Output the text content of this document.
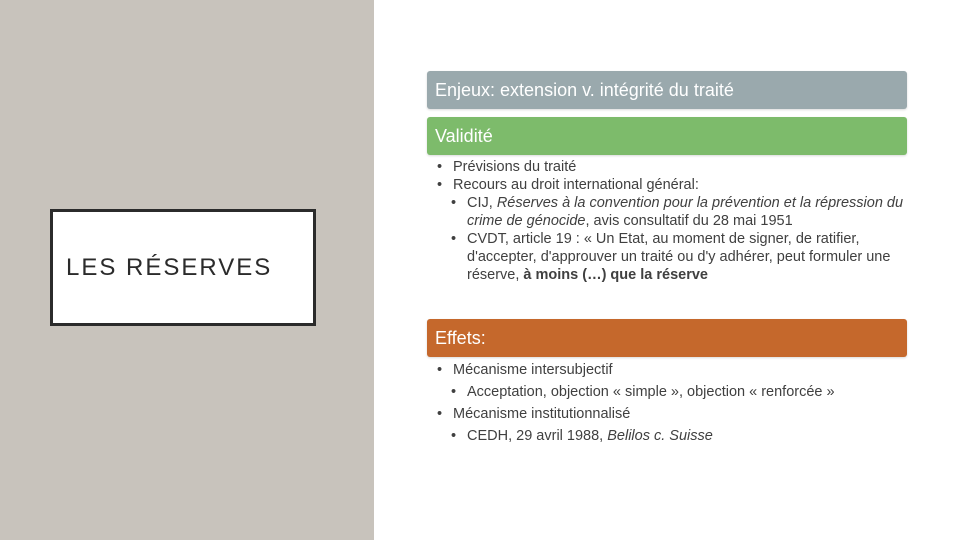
LES RÉSERVES
Enjeux: extension v. intégrité du traité
Validité
• Prévisions du traité
• Recours au droit international général:
• CIJ, Réserves à la convention pour la prévention et la répression du crime de génocide, avis consultatif du 28 mai 1951
• CVDT, article 19 : « Un Etat, au moment de signer, de ratifier, d'accepter, d'approuver un traité ou d'y adhérer, peut formuler une réserve, à moins (…) que la réserve
Effets:
• Mécanisme intersubjectif
• Acceptation, objection « simple », objection « renforcée »
• Mécanisme institutionnalisé
• CEDH, 29 avril 1988, Belilos c. Suisse
